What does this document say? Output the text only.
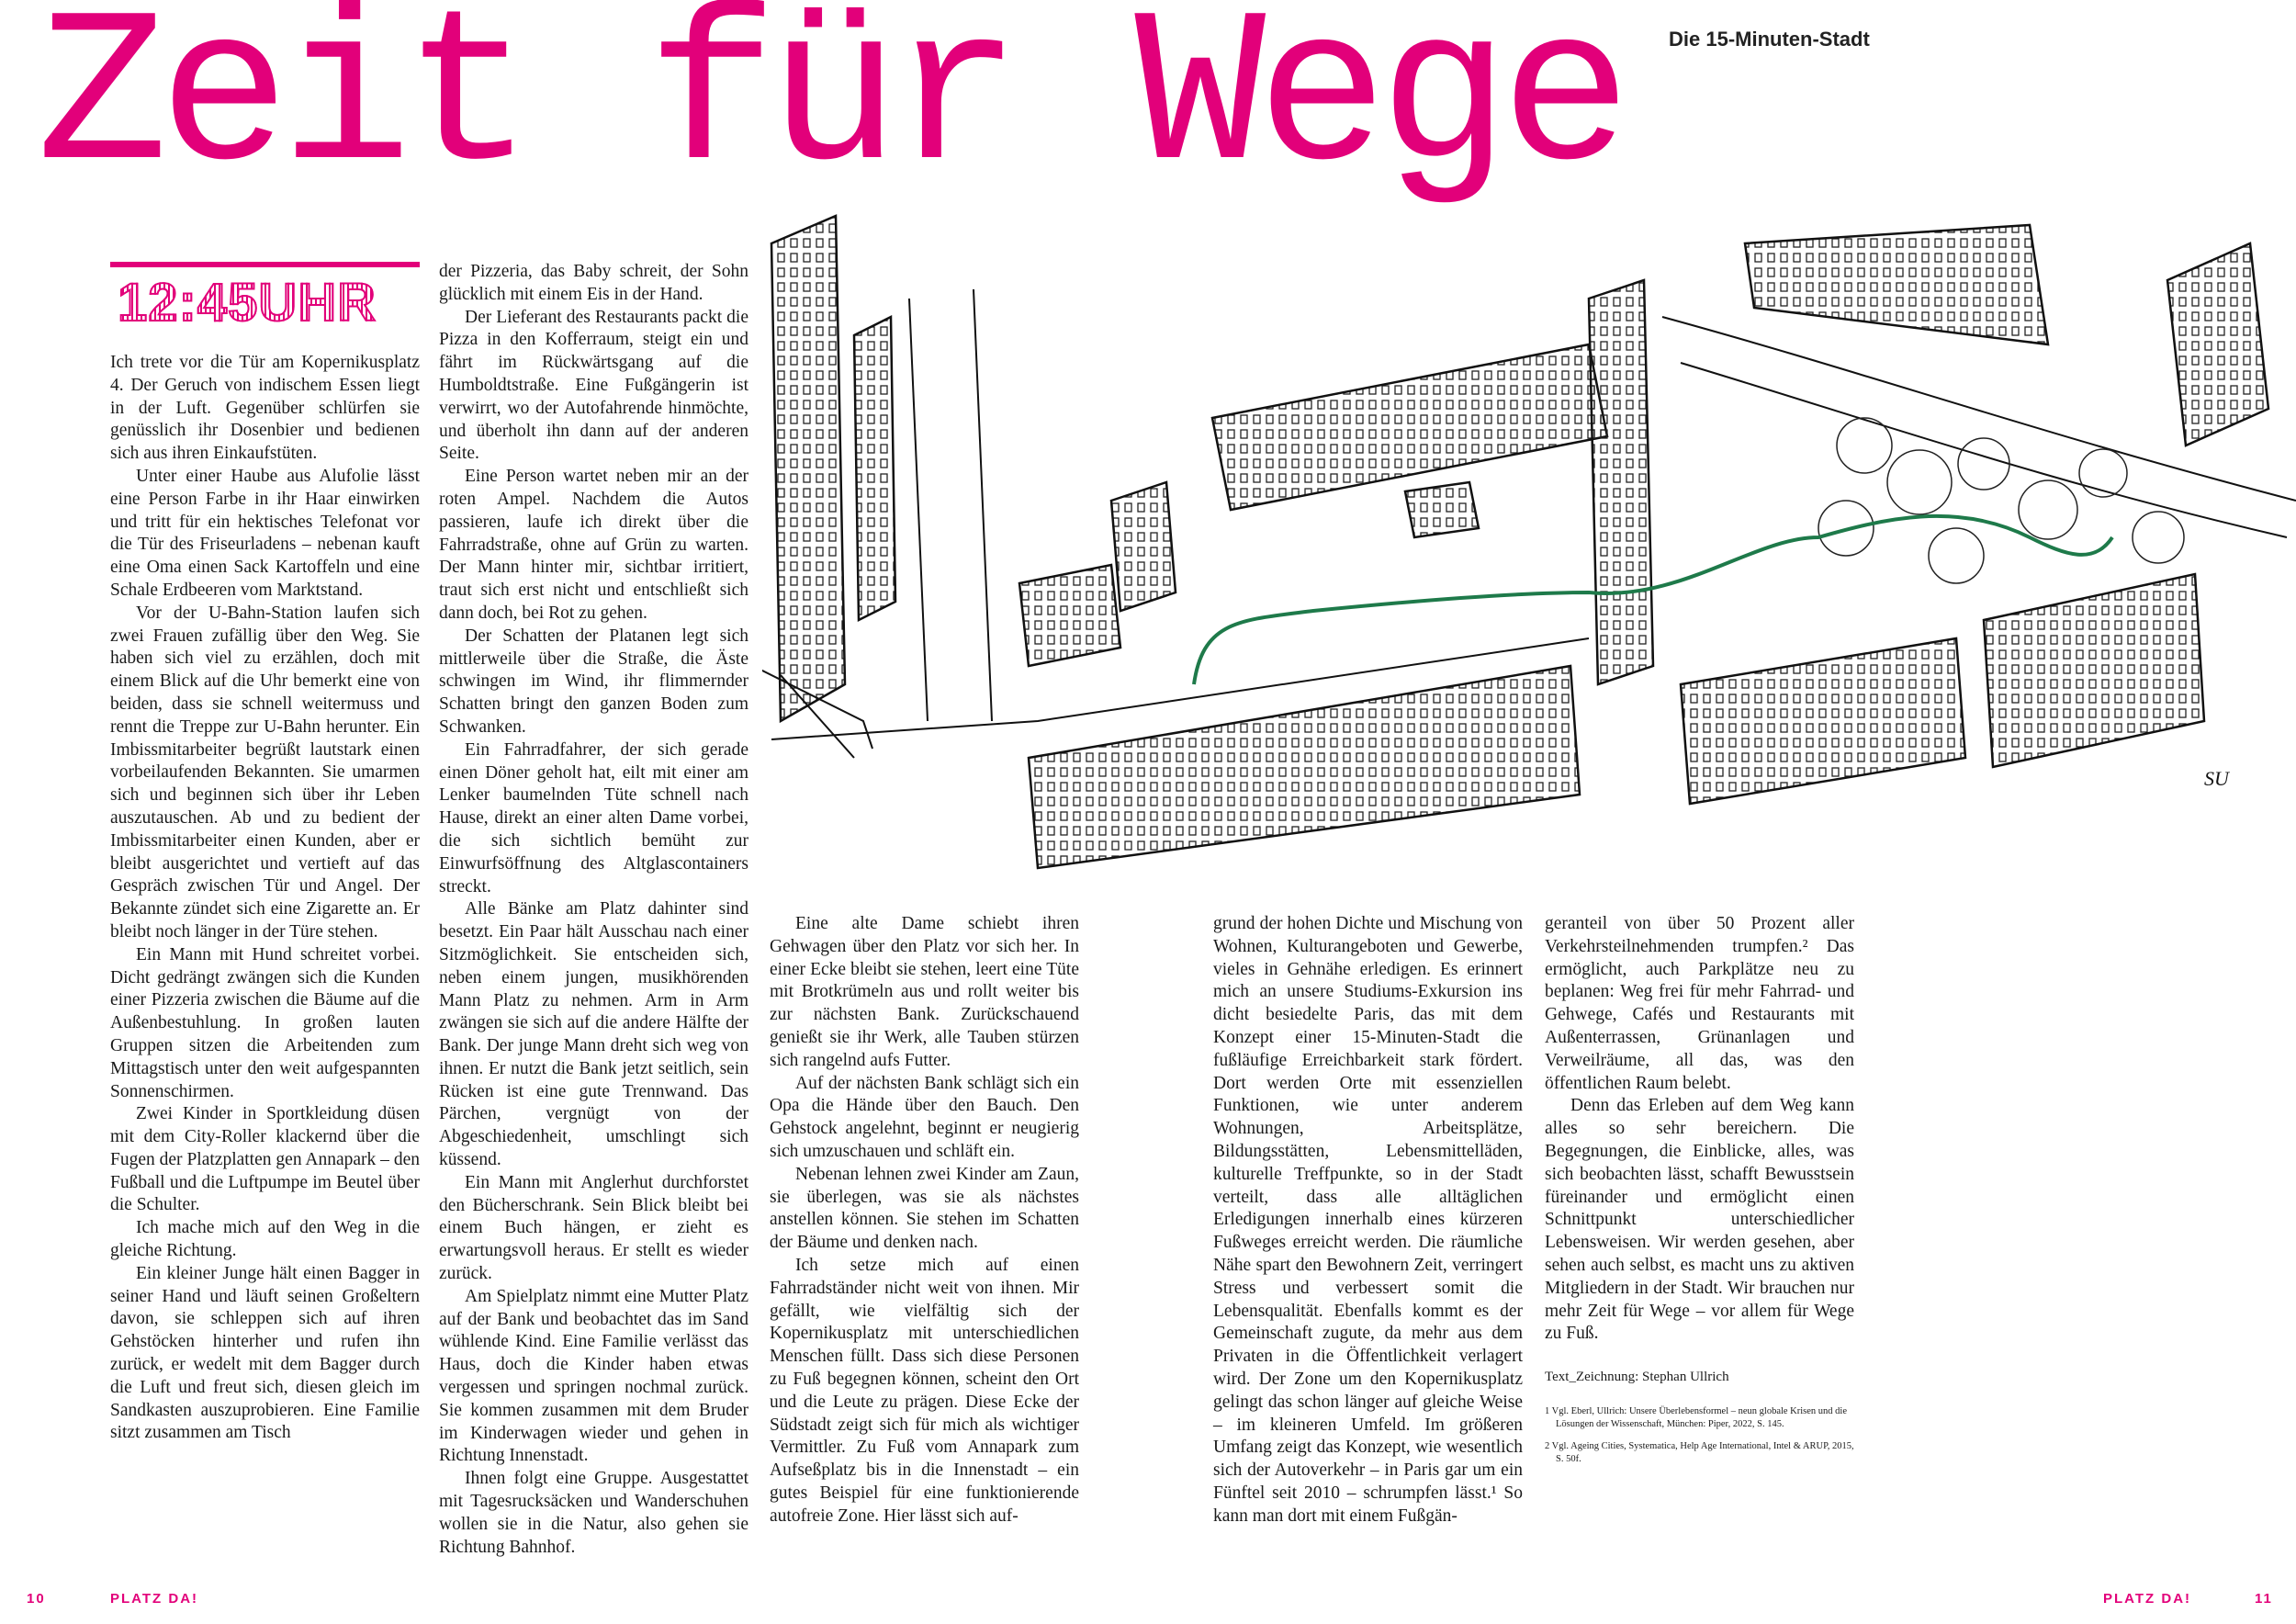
Zeit für Wege Die 15-Minuten-Stadt
12:45UHR
SU

Ich trete vor die Tür am Kopernikusplatz 4. Der Geruch von indischem Essen liegt in der Luft. Gegenüber schlürfen sie genüsslich ihr Dosenbier und bedienen sich aus ihren Einkaufstüten.

Unter einer Haube aus Alufolie lässt eine Person Farbe in ihr Haar einwirken und tritt für ein hektisches Telefonat vor die Tür des Friseurladens – nebenan kauft eine Oma einen Sack Kartoffeln und eine Schale Erdbeeren vom Marktstand.

Vor der U-Bahn-Station laufen sich zwei Frauen zufällig über den Weg. Sie haben sich viel zu erzählen, doch mit einem Blick auf die Uhr bemerkt eine von beiden, dass sie schnell weitermuss und rennt die Treppe zur U-Bahn herunter. Ein Imbissmitarbeiter begrüßt lautstark einen vorbeilaufenden Bekannten. Sie umarmen sich und beginnen sich über ihr Leben auszutauschen. Ab und zu bedient der Imbissmitarbeiter einen Kunden, aber er bleibt ausgerichtet und vertieft auf das Gespräch zwischen Tür und Angel. Der Bekannte zündet sich eine Zigarette an. Er bleibt noch länger in der Türe stehen.

Ein Mann mit Hund schreitet vorbei. Dicht gedrängt zwängen sich die Kunden einer Pizzeria zwischen die Bäume auf die Außenbestuhlung. In großen lauten Gruppen sitzen die Arbeitenden zum Mittagstisch unter den weit aufgespannten Sonnenschirmen.

Zwei Kinder in Sportkleidung düsen mit dem City-Roller klackernd über die Fugen der Platzplatten gen Annapark – den Fußball und die Luftpumpe im Beutel über die Schulter.

Ich mache mich auf den Weg in die gleiche Richtung.

Ein kleiner Junge hält einen Bagger in seiner Hand und läuft seinen Großeltern davon, sie schleppen sich auf ihren Gehstöcken hinterher und rufen ihn zurück, er wedelt mit dem Bagger durch die Luft und freut sich, diesen gleich im Sandkasten auszuprobieren. Eine Familie sitzt zusammen am Tisch

der Pizzeria, das Baby schreit, der Sohn glücklich mit einem Eis in der Hand.

Der Lieferant des Restaurants packt die Pizza in den Kofferraum, steigt ein und fährt im Rückwärtsgang auf die Humboldtstraße. Eine Fußgängerin ist verwirrt, wo der Autofahrende hinmöchte, und überholt ihn dann auf der anderen Seite.

Eine Person wartet neben mir an der roten Ampel. Nachdem die Autos passieren, laufe ich direkt über die Fahrradstraße, ohne auf Grün zu warten. Der Mann hinter mir, sichtbar irritiert, traut sich erst nicht und entschließt sich dann doch, bei Rot zu gehen.

Der Schatten der Platanen legt sich mittlerweile über die Straße, die Äste schwingen im Wind, ihr flimmernder Schatten bringt den ganzen Boden zum Schwanken.

Ein Fahrradfahrer, der sich gerade einen Döner geholt hat, eilt mit einer am Lenker baumelnden Tüte schnell nach Hause, direkt an einer alten Dame vorbei, die sich sichtlich bemüht zur Einwurfsöffnung des Altglascontainers streckt.

Alle Bänke am Platz dahinter sind besetzt. Ein Paar hält Ausschau nach einer Sitzmöglichkeit. Sie entscheiden sich, neben einem jungen, musikhörenden Mann Platz zu nehmen. Arm in Arm zwängen sie sich auf die andere Hälfte der Bank. Der junge Mann dreht sich weg von ihnen. Er nutzt die Bank jetzt seitlich, sein Rücken ist eine gute Trennwand. Das Pärchen, vergnügt von der Abgeschiedenheit, umschlingt sich küssend.

Ein Mann mit Anglerhut durchforstet den Bücherschrank. Sein Blick bleibt bei einem Buch hängen, er zieht es erwartungsvoll heraus. Er stellt es wieder zurück.

Am Spielplatz nimmt eine Mutter Platz auf der Bank und beobachtet das im Sand wühlende Kind. Eine Familie verlässt das Haus, doch die Kinder haben etwas vergessen und springen nochmal zurück. Sie kommen zusammen mit dem Bruder im Kinderwagen wieder und gehen in Richtung Innenstadt.

Ihnen folgt eine Gruppe. Ausgestattet mit Tagesrucksäcken und Wanderschuhen wollen sie in die Natur, also gehen sie Richtung Bahnhof.

Eine alte Dame schiebt ihren Gehwagen über den Platz vor sich her. In einer Ecke bleibt sie stehen, leert eine Tüte mit Brotkrümeln aus und rollt weiter bis zur nächsten Bank. Zurückschauend genießt sie ihr Werk, alle Tauben stürzen sich rangelnd aufs Futter.

Auf der nächsten Bank schlägt sich ein Opa die Hände über den Bauch. Den Gehstock angelehnt, beginnt er neugierig sich umzuschauen und schläft ein.

Nebenan lehnen zwei Kinder am Zaun, sie überlegen, was sie als nächstes anstellen können. Sie stehen im Schatten der Bäume und denken nach.

Ich setze mich auf einen Fahrradständer nicht weit von ihnen. Mir gefällt, wie vielfältig sich der Kopernikusplatz mit unterschiedlichen Menschen füllt. Dass sich diese Personen zu Fuß begegnen können, scheint den Ort und die Leute zu prägen. Diese Ecke der Südstadt zeigt sich für mich als wichtiger Vermittler. Zu Fuß vom Annapark zum Aufseßplatz bis in die Innenstadt – ein gutes Beispiel für eine funktionierende autofreie Zone. Hier lässt sich auf-

grund der hohen Dichte und Mischung von Wohnen, Kulturangeboten und Gewerbe, vieles in Gehnähe erledigen. Es erinnert mich an unsere Studiums-Exkursion ins dicht besiedelte Paris, das mit dem Konzept einer 15-Minuten-Stadt die fußläufige Erreichbarkeit stark fördert. Dort werden Orte mit essenziellen Funktionen, wie unter anderem Wohnungen, Arbeitsplätze, Bildungsstätten, Lebensmittelläden, kulturelle Treffpunkte, so in der Stadt verteilt, dass alle alltäglichen Erledigungen innerhalb eines kürzeren Fußweges erreicht werden. Die räumliche Nähe spart den Bewohnern Zeit, verringert Stress und verbessert somit die Lebensqualität. Ebenfalls kommt es der Gemeinschaft zugute, da mehr aus dem Privaten in die Öffentlichkeit verlagert wird. Der Zone um den Kopernikusplatz gelingt das schon länger auf gleiche Weise – im kleineren Umfeld. Im größeren Umfang zeigt das Konzept, wie wesentlich sich der Autoverkehr – in Paris gar um ein Fünftel seit 2010 – schrumpfen lässt.¹ So kann man dort mit einem Fußgän-

geranteil von über 50 Prozent aller Verkehrsteilnehmenden trumpfen.² Das ermöglicht, auch Parkplätze neu zu beplanen: Weg frei für mehr Fahrrad- und Gehwege, Cafés und Restaurants mit Außenterrassen, Grünanlagen und Verweilräume, all das, was den öffentlichen Raum belebt.

Denn das Erleben auf dem Weg kann alles so sehr bereichern. Die Begegnungen, die Einblicke, alles, was sich beobachten lässt, schafft Bewusstsein füreinander und ermöglicht einen Schnittpunkt unterschiedlicher Lebensweisen. Wir werden gesehen, aber sehen auch selbst, es macht uns zu aktiven Mitgliedern in der Stadt. Wir brauchen nur mehr Zeit für Wege – vor allem für Wege zu Fuß.

Text_Zeichnung: Stephan Ullrich
1 Vgl. Eberl, Ullrich: Unsere Überlebensformel – neun globale Krisen und die Lösungen der Wissenschaft, München: Piper, 2022, S. 145.
2 Vgl. Ageing Cities, Systematica, Help Age International, Intel & ARUP, 2015, S. 50f.
10	PLATZ DA!	PLATZ DA!	11
